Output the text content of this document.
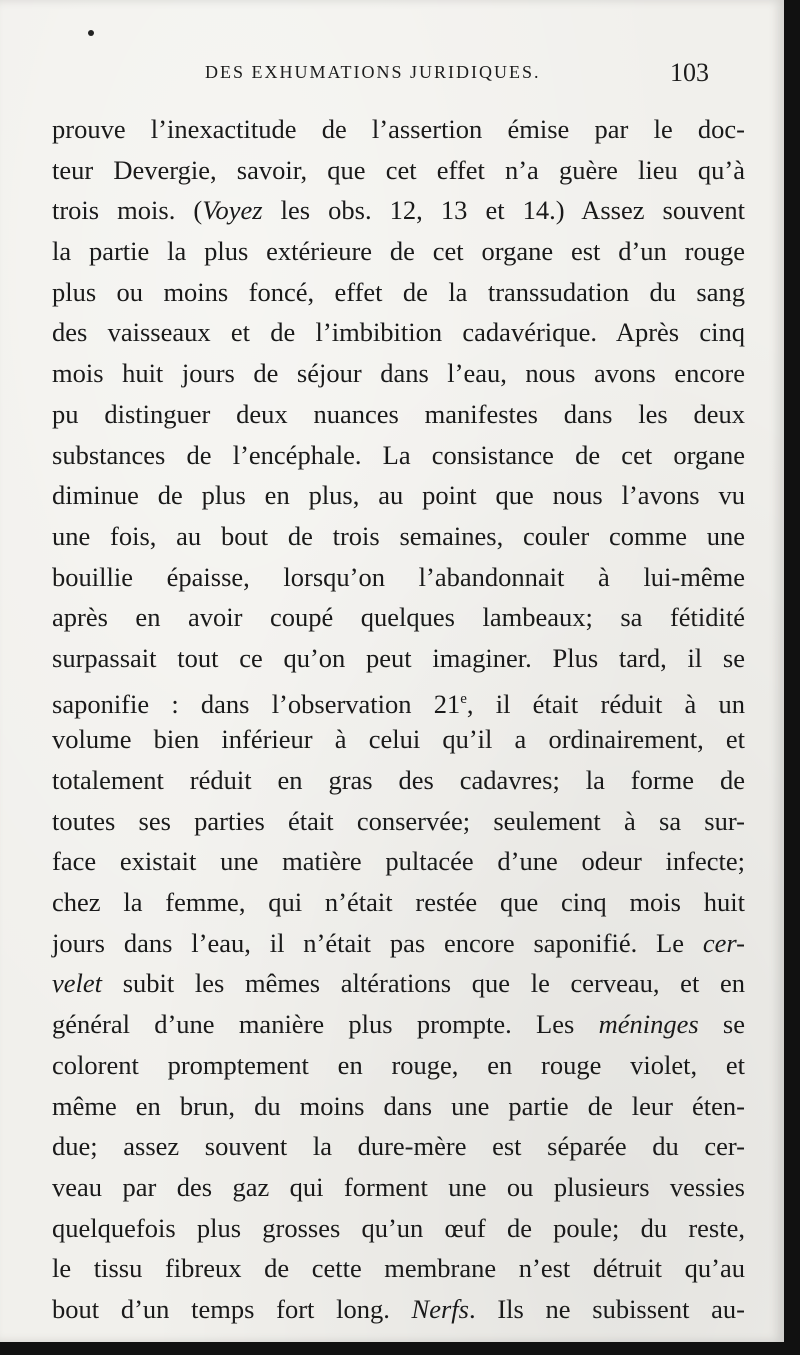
DES EXHUMATIONS JURIDIQUES.	103
prouve l’inexactitude de l’assertion émise par le doc-
teur Devergie, savoir, que cet effet n’a guère lieu qu’à
trois mois. (Voyez les obs. 12, 13 et 14.) Assez souvent
la partie la plus extérieure de cet organe est d’un rouge
plus ou moins foncé, effet de la transsudation du sang
des vaisseaux et de l’imbibition cadavérique. Après cinq
mois huit jours de séjour dans l’eau, nous avons encore
pu distinguer deux nuances manifestes dans les deux
substances de l’encéphale. La consistance de cet organe
diminue de plus en plus, au point que nous l’avons vu
une fois, au bout de trois semaines, couler comme une
bouillie épaisse, lorsqu’on l’abandonnait à lui-même
après en avoir coupé quelques lambeaux; sa fétidité
surpassait tout ce qu’on peut imaginer. Plus tard, il se
saponifie : dans l’observation 21e, il était réduit à un
volume bien inférieur à celui qu’il a ordinairement, et
totalement réduit en gras des cadavres; la forme de
toutes ses parties était conservée; seulement à sa sur-
face existait une matière pultacée d’une odeur infecte;
chez la femme, qui n’était restée que cinq mois huit
jours dans l’eau, il n’était pas encore saponifié. Le cer-
velet subit les mêmes altérations que le cerveau, et en
général d’une manière plus prompte. Les méninges se
colorent promptement en rouge, en rouge violet, et
même en brun, du moins dans une partie de leur éten-
due; assez souvent la dure-mère est séparée du cer-
veau par des gaz qui forment une ou plusieurs vessies
quelquefois plus grosses qu’un œuf de poule; du reste,
le tissu fibreux de cette membrane n’est détruit qu’au
bout d’un temps fort long. Nerfs. Ils ne subissent au-
